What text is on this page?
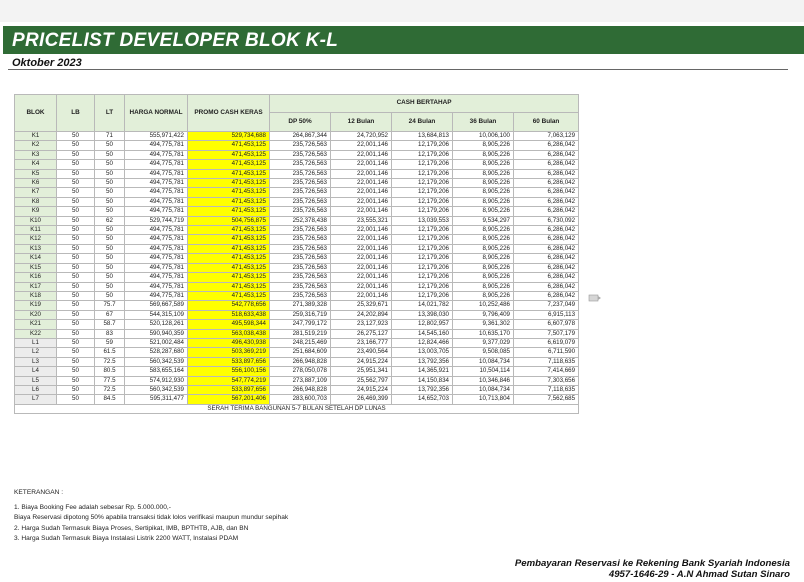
PRICELIST DEVELOPER BLOK K-L
Oktober 2023
BLOK	LB	LT	HARGA NORMAL	PROMO CASH KERAS	CASH BERTAHAP				
					DP 50%	12 Bulan	24 Bulan	36 Bulan	60 Bulan
K1	50	71	555,971,422	529,734,688	264,867,344	24,720,952	13,684,813	10,006,100	7,063,129
K2	50	50	494,775,781	471,453,125	235,726,563	22,001,146	12,179,206	8,905,226	6,286,042
K3	50	50	494,775,781	471,453,125	235,726,563	22,001,146	12,179,206	8,905,226	6,286,042
K4	50	50	494,775,781	471,453,125	235,726,563	22,001,146	12,179,206	8,905,226	6,286,042
K5	50	50	494,775,781	471,453,125	235,726,563	22,001,146	12,179,206	8,905,226	6,286,042
K6	50	50	494,775,781	471,453,125	235,726,563	22,001,146	12,179,206	8,905,226	6,286,042
K7	50	50	494,775,781	471,453,125	235,726,563	22,001,146	12,179,206	8,905,226	6,286,042
K8	50	50	494,775,781	471,453,125	235,726,563	22,001,146	12,179,206	8,905,226	6,286,042
K9	50	50	494,775,781	471,453,125	235,726,563	22,001,146	12,179,206	8,905,226	6,286,042
K10	50	62	529,744,719	504,756,875	252,378,438	23,555,321	13,039,553	9,534,297	6,730,092
K11	50	50	494,775,781	471,453,125	235,726,563	22,001,146	12,179,206	8,905,226	6,286,042
K12	50	50	494,775,781	471,453,125	235,726,563	22,001,146	12,179,206	8,905,226	6,286,042
K13	50	50	494,775,781	471,453,125	235,726,563	22,001,146	12,179,206	8,905,226	6,286,042
K14	50	50	494,775,781	471,453,125	235,726,563	22,001,146	12,179,206	8,905,226	6,286,042
K15	50	50	494,775,781	471,453,125	235,726,563	22,001,146	12,179,206	8,905,226	6,286,042
K16	50	50	494,775,781	471,453,125	235,726,563	22,001,146	12,179,206	8,905,226	6,286,042
K17	50	50	494,775,781	471,453,125	235,726,563	22,001,146	12,179,206	8,905,226	6,286,042
K18	50	50	494,775,781	471,453,125	235,726,563	22,001,146	12,179,206	8,905,226	6,286,042
K19	50	75.7	569,667,589	542,778,656	271,389,328	25,329,671	14,021,782	10,252,486	7,237,049
K20	50	67	544,315,109	518,633,438	259,316,719	24,202,894	13,398,030	9,796,409	6,915,113
K21	50	58.7	520,128,261	495,598,344	247,799,172	23,127,923	12,802,957	9,361,302	6,607,978
K22	50	83	590,940,359	563,038,438	281,519,219	26,275,127	14,545,160	10,635,170	7,507,179
L1	50	59	521,002,484	496,430,938	248,215,469	23,166,777	12,824,466	9,377,029	6,619,079
L2	50	61.5	528,287,680	503,369,219	251,684,609	23,490,564	13,003,705	9,508,085	6,711,590
L3	50	72.5	560,342,539	533,897,656	266,948,828	24,915,224	13,792,356	10,084,734	7,118,635
L4	50	80.5	583,655,164	556,100,156	278,050,078	25,951,341	14,365,921	10,504,114	7,414,669
L5	50	77.5	574,912,930	547,774,219	273,887,109	25,562,797	14,150,834	10,346,846	7,303,656
L6	50	72.5	560,342,539	533,897,656	266,948,828	24,915,224	13,792,356	10,084,734	7,118,635
L7	50	84.5	595,311,477	567,201,406	283,600,703	26,469,399	14,652,703	10,713,804	7,562,685
SERAH TERIMA BANGUNAN 5-7 BULAN SETELAH DP LUNAS									
KETERANGAN :
1. Biaya Booking Fee adalah sebesar Rp. 5.000.000,-
Biaya Reservasi dipotong 50% apabila transaksi tidak lolos verifikasi maupun mundur sepihak
2. Harga Sudah Termasuk Biaya Proses, Sertipikat, IMB, BPTHTB, AJB, dan BN
3. Harga Sudah Termasuk Biaya Instalasi Listrik 2200 WATT, Instalasi PDAM
Pembayaran Reservasi ke Rekening Bank Syariah Indonesia
4957-1646-29 - A.N Ahmad Sutan Sinaro
